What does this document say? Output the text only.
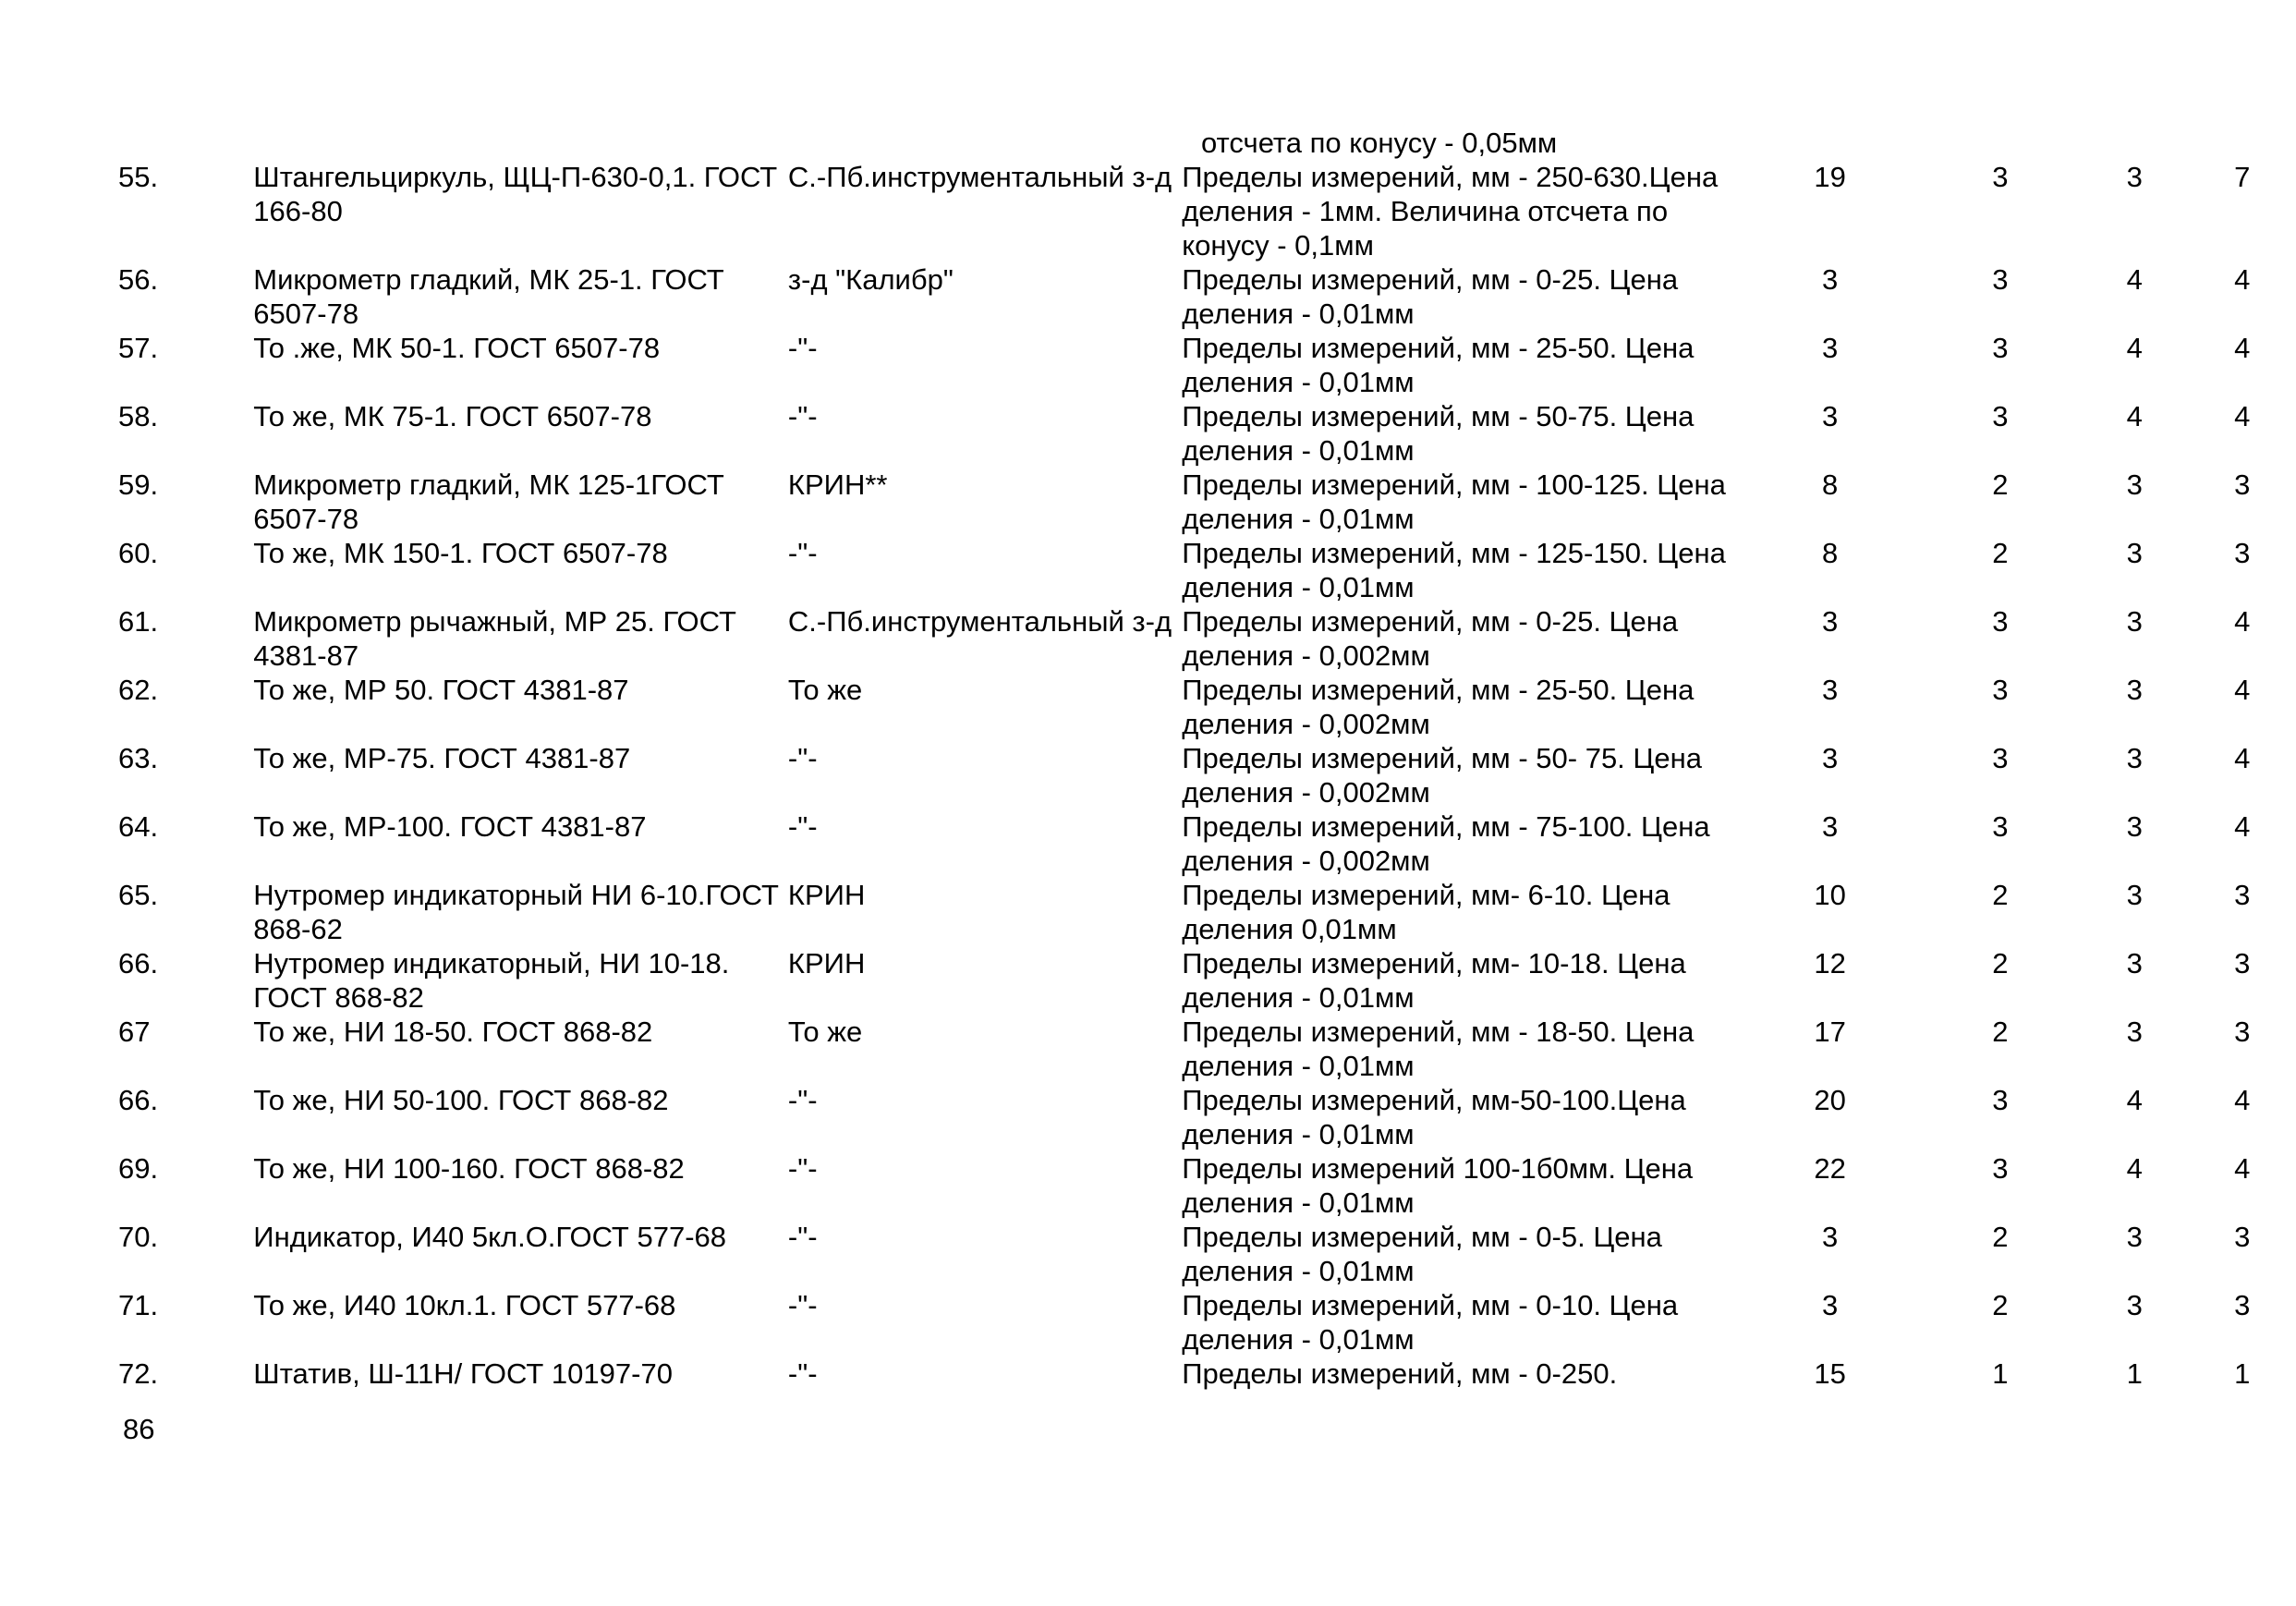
отсчета по конусу - 0,05мм
55.	Штангельциркуль, ЩЦ-П-630-0,1. ГОСТ 166-80	С.-Пб.инструментальный з-д	Пределы измерений, мм - 250-630.Цена деления - 1мм. Величина отсчета по конусу - 0,1мм	19	3	3	7
56.	Микрометр гладкий, МК 25-1. ГОСТ 6507-78	з-д "Калибр"	Пределы измерений, мм - 0-25. Цена деления - 0,01мм	3	3	4	4
57.	То .же, МК 50-1. ГОСТ 6507-78	-"-	Пределы измерений, мм - 25-50. Цена деления - 0,01мм	3	3	4	4
58.	То же, МК 75-1. ГОСТ 6507-78	-"-	Пределы измерений, мм - 50-75. Цена деления - 0,01мм	3	3	4	4
59.	Микрометр гладкий, МК 125-1ГОСТ 6507-78	КРИН**	Пределы измерений, мм - 100-125. Цена деления - 0,01мм	8	2	3	3
60.	То же, МК 150-1. ГОСТ 6507-78	-"-	Пределы измерений, мм - 125-150. Цена деления - 0,01мм	8	2	3	3
61.	Микрометр рычажный, МР 25. ГОСТ 4381-87	С.-Пб.инструментальный з-д	Пределы измерений, мм - 0-25. Цена деления - 0,002мм	3	3	3	4
62.	То же, МР 50. ГОСТ 4381-87	То же	Пределы измерений, мм - 25-50. Цена деления - 0,002мм	3	3	3	4
63.	То же, МР-75. ГОСТ 4381-87	-"-	Пределы измерений, мм - 50- 75. Цена деления - 0,002мм	3	3	3	4
64.	То же, МР-100. ГОСТ 4381-87	-"-	Пределы измерений, мм - 75-100. Цена деления - 0,002мм	3	3	3	4
65.	Нутромер индикаторный НИ 6-10.ГОСТ 868-62	КРИН	Пределы измерений, мм- 6-10. Цена деления 0,01мм	10	2	3	3
66.	Нутромер индикаторный, НИ 10-18. ГОСТ 868-82	КРИН	Пределы измерений, мм- 10-18. Цена деления - 0,01мм	12	2	3	3
67	То же, НИ 18-50. ГОСТ 868-82	То же	Пределы измерений, мм - 18-50. Цена деления - 0,01мм	17	2	3	3
66.	То же, НИ 50-100. ГОСТ 868-82	-"-	Пределы измерений, мм-50-100.Цена деления - 0,01мм	20	3	4	4
69.	То же, НИ 100-160. ГОСТ 868-82	-"-	Пределы измерений 100-1б0мм. Цена деления - 0,01мм	22	3	4	4
70.	Индикатор, И40 5кл.О.ГОСТ 577-68	-"-	Пределы измерений, мм - 0-5. Цена деления - 0,01мм	3	2	3	3
71.	То же, И40 10кл.1. ГОСТ 577-68	-"-	Пределы измерений, мм - 0-10. Цена деления - 0,01мм	3	2	3	3
72.	Штатив, Ш-11Н/ ГОСТ 10197-70	-"-	Пределы измерений, мм - 0-250.	15	1	1	1
86
